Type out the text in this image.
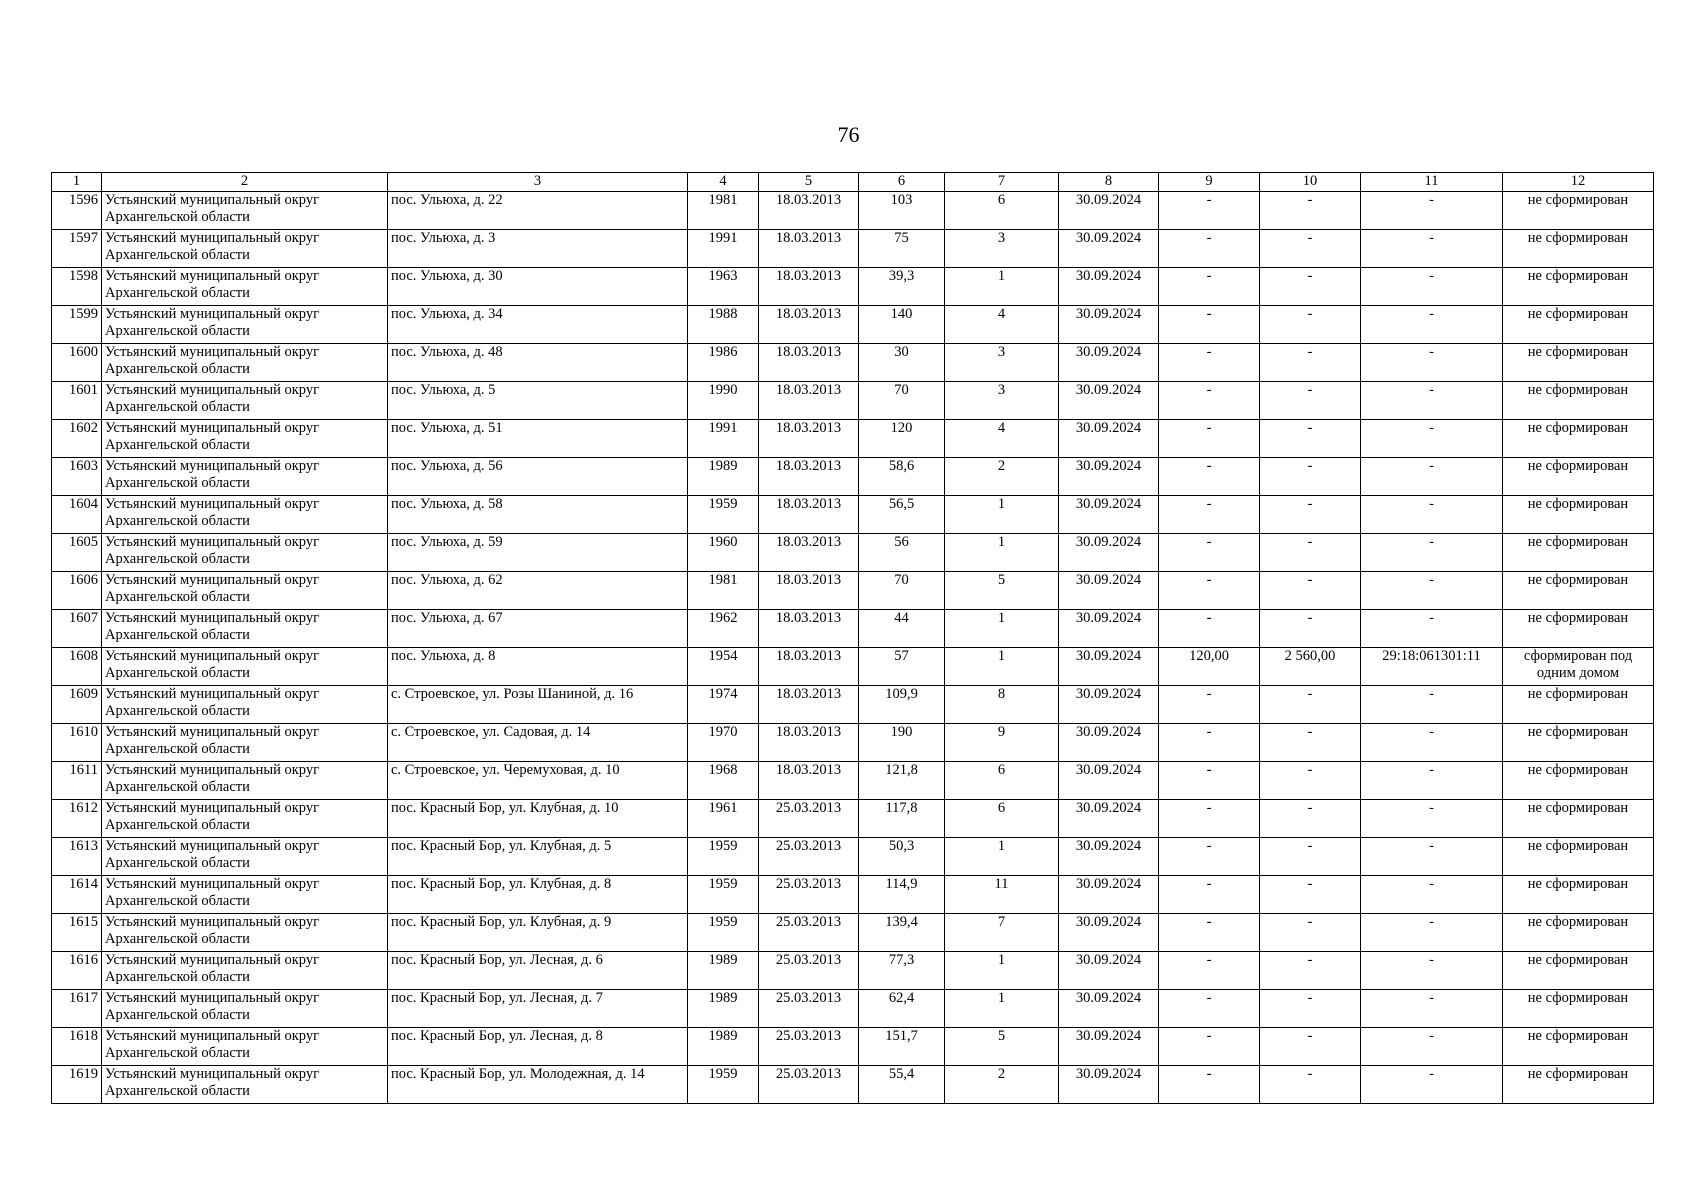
76
1	2	3	4	5	6	7	8	9	10	11	12
1596	Устьянский муниципальный округ Архангельской области	пос. Ульюха, д. 22	1981	18.03.2013	103	6	30.09.2024	-	-	-	не сформирован
1597	Устьянский муниципальный округ Архангельской области	пос. Ульюха, д. 3	1991	18.03.2013	75	3	30.09.2024	-	-	-	не сформирован
1598	Устьянский муниципальный округ Архангельской области	пос. Ульюха, д. 30	1963	18.03.2013	39,3	1	30.09.2024	-	-	-	не сформирован
1599	Устьянский муниципальный округ Архангельской области	пос. Ульюха, д. 34	1988	18.03.2013	140	4	30.09.2024	-	-	-	не сформирован
1600	Устьянский муниципальный округ Архангельской области	пос. Ульюха, д. 48	1986	18.03.2013	30	3	30.09.2024	-	-	-	не сформирован
1601	Устьянский муниципальный округ Архангельской области	пос. Ульюха, д. 5	1990	18.03.2013	70	3	30.09.2024	-	-	-	не сформирован
1602	Устьянский муниципальный округ Архангельской области	пос. Ульюха, д. 51	1991	18.03.2013	120	4	30.09.2024	-	-	-	не сформирован
1603	Устьянский муниципальный округ Архангельской области	пос. Ульюха, д. 56	1989	18.03.2013	58,6	2	30.09.2024	-	-	-	не сформирован
1604	Устьянский муниципальный округ Архангельской области	пос. Ульюха, д. 58	1959	18.03.2013	56,5	1	30.09.2024	-	-	-	не сформирован
1605	Устьянский муниципальный округ Архангельской области	пос. Ульюха, д. 59	1960	18.03.2013	56	1	30.09.2024	-	-	-	не сформирован
1606	Устьянский муниципальный округ Архангельской области	пос. Ульюха, д. 62	1981	18.03.2013	70	5	30.09.2024	-	-	-	не сформирован
1607	Устьянский муниципальный округ Архангельской области	пос. Ульюха, д. 67	1962	18.03.2013	44	1	30.09.2024	-	-	-	не сформирован
1608	Устьянский муниципальный округ Архангельской области	пос. Ульюха, д. 8	1954	18.03.2013	57	1	30.09.2024	120,00	2 560,00	29:18:061301:11	сформирован под одним домом
1609	Устьянский муниципальный округ Архангельской области	с. Строевское, ул. Розы Шаниной, д. 16	1974	18.03.2013	109,9	8	30.09.2024	-	-	-	не сформирован
1610	Устьянский муниципальный округ Архангельской области	с. Строевское, ул. Садовая, д. 14	1970	18.03.2013	190	9	30.09.2024	-	-	-	не сформирован
1611	Устьянский муниципальный округ Архангельской области	с. Строевское, ул. Черемуховая, д. 10	1968	18.03.2013	121,8	6	30.09.2024	-	-	-	не сформирован
1612	Устьянский муниципальный округ Архангельской области	пос. Красный Бор, ул. Клубная, д. 10	1961	25.03.2013	117,8	6	30.09.2024	-	-	-	не сформирован
1613	Устьянский муниципальный округ Архангельской области	пос. Красный Бор, ул. Клубная, д. 5	1959	25.03.2013	50,3	1	30.09.2024	-	-	-	не сформирован
1614	Устьянский муниципальный округ Архангельской области	пос. Красный Бор, ул. Клубная, д. 8	1959	25.03.2013	114,9	11	30.09.2024	-	-	-	не сформирован
1615	Устьянский муниципальный округ Архангельской области	пос. Красный Бор, ул. Клубная, д. 9	1959	25.03.2013	139,4	7	30.09.2024	-	-	-	не сформирован
1616	Устьянский муниципальный округ Архангельской области	пос. Красный Бор, ул. Лесная, д. 6	1989	25.03.2013	77,3	1	30.09.2024	-	-	-	не сформирован
1617	Устьянский муниципальный округ Архангельской области	пос. Красный Бор, ул. Лесная, д. 7	1989	25.03.2013	62,4	1	30.09.2024	-	-	-	не сформирован
1618	Устьянский муниципальный округ Архангельской области	пос. Красный Бор, ул. Лесная, д. 8	1989	25.03.2013	151,7	5	30.09.2024	-	-	-	не сформирован
1619	Устьянский муниципальный округ Архангельской области	пос. Красный Бор, ул. Молодежная, д. 14	1959	25.03.2013	55,4	2	30.09.2024	-	-	-	не сформирован
